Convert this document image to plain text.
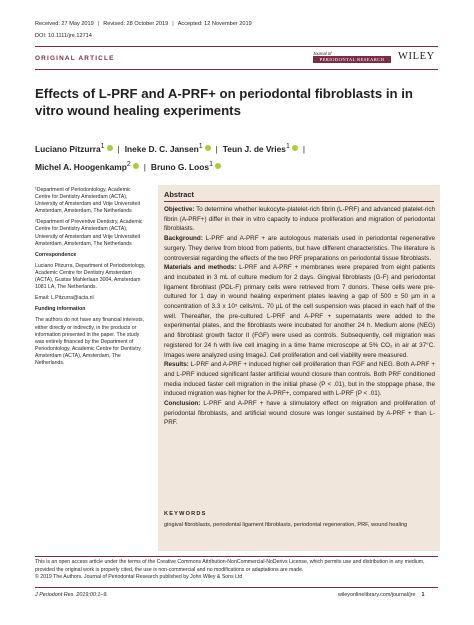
Received: 27 May 2019 | Revised: 28 October 2019 | Accepted: 12 November 2019
DOI: 10.1111/jre.12714
ORIGINAL ARTICLE
Journal of
PERIODONTAL RESEARCH	WILEY
Effects of L-PRF and A-PRF+ on periodontal fibroblasts in in vitro wound healing experiments
Luciano Pitzurra$^1$ | Ineke D. C. Jansen$^1$ | Teun J. de Vries$^1$ |
Michel A. Hoogenkamp$^2$ | Bruno G. Loos$^1$

¹Department of Periodontology, Academic Centre for Dentistry Amsterdam (ACTA), University of Amsterdam and Vrije Universiteit Amsterdam, Amsterdam, The Netherlands

²Department of Preventive Dentistry, Academic Centre for Dentistry Amsterdam (ACTA), University of Amsterdam and Vrije Universiteit Amsterdam, Amsterdam, The Netherlands

Correspondence

Luciano Pitzurra, Department of Periodontology, Academic Centre for Dentistry Amsterdam (ACTA), Gustav Mahlerlaan 3004, Amsterdam 1081 LA, The Netherlands.

Email: L.Pitzurra@acta.nl

Funding information

The authors do not have any financial interests, either directly or indirectly, in the products or information presented in the paper. The study was entirely financed by the Department of Periodontology, Academic Centre for Dentistry Amsterdam (ACTA), Amsterdam, The Netherlands.

Abstract

Objective: To determine whether leukocyte-platelet-rich fibrin (L-PRF) and advanced platelet-rich fibrin (A-PRF+) differ in their in vitro capacity to induce proliferation and migration of periodontal fibroblasts.

Background: L-PRF and A-PRF + are autologous materials used in periodontal regenerative surgery. They derive from blood from patients, but have different characteristics. The literature is controversial regarding the effects of the two PRF preparations on periodontal tissue fibroblasts.

Materials and methods: L-PRF and A-PRF + membranes were prepared from eight patients and incubated in 3 mL of culture medium for 2 days. Gingival fibroblasts (G-F) and periodontal ligament fibroblast (PDL-F) primary cells were retrieved from 7 donors. These cells were pre-cultured for 1 day in wound healing experiment plates leaving a gap of 500 ± 50 µm in a concentration of 3.3 x 10⁵ cells/mL. 70 µL of the cell suspension was placed in each half of the well. Thereafter, the pre-cultured L-PRF and A-PRF + supernatants were added to the experimental plates, and the fibroblasts were incubated for another 24 h. Medium alone (NEG) and fibroblast growth factor II (FGF) were used as controls. Subsequently, cell migration was registered for 24 h with live cell imaging in a time frame microscope at 5% CO₂ in air at 37°C. Images were analyzed using ImageJ. Cell proliferation and cell viability were measured.

Results: L-PRF and A-PRF + induced higher cell proliferation than FGF and NEG. Both A-PRF + and L-PRF induced significant faster artificial wound closure than controls. Both PRF conditioned media induced faster cell migration in the initial phase (P < .01), but in the stoppage phase, the induced migration was higher for the A-PRF+, compared with L-PRF (P < .01).

Conclusion: L-PRF and A-PRF + have a stimulatory effect on migration and proliferation of periodontal fibroblasts, and artificial wound closure was longer sustained by A-PRF + than L-PRF.

KEYWORDS
gingival fibroblasts, periodontal ligament fibroblasts, periodontal regeneration, PRF, wound healing
This is an open access article under the terms of the Creative Commons Attribution-NonCommercial-NoDerivs License, which permits use and distribution in any medium, provided the original work is properly cited, the use is non-commercial and no modifications or adaptations are made.
© 2019 The Authors. Journal of Periodontal Research published by John Wiley & Sons Ltd
J Periodont Res. 2019;00:1–9.	wileyonlinelibrary.com/journal/jre 1
